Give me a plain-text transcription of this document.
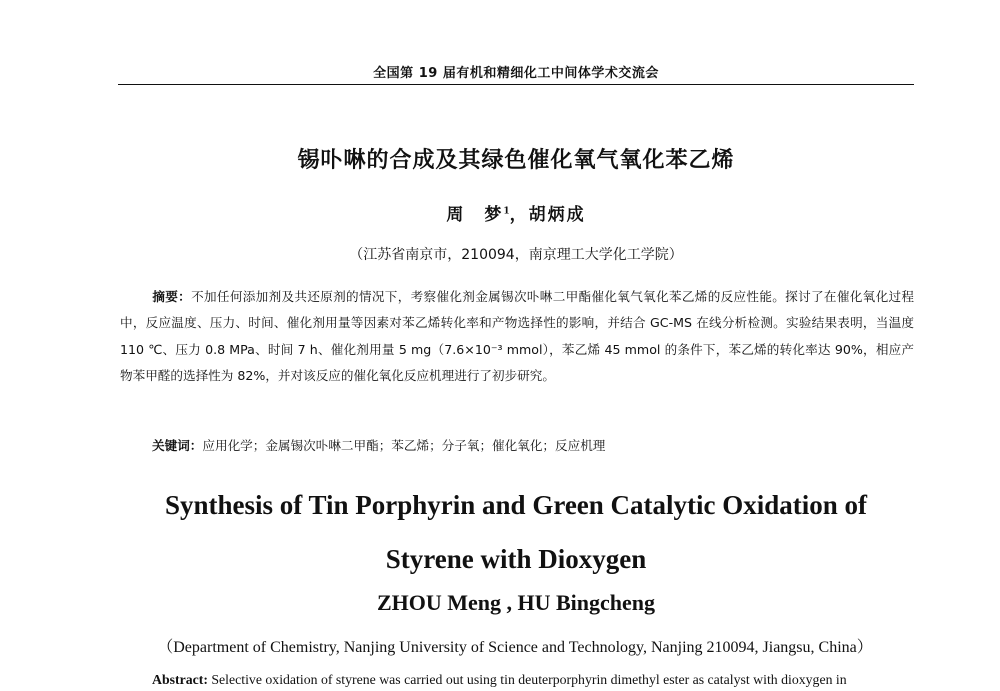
全国第 19 届有机和精细化工中间体学术交流会
锡卟啉的合成及其绿色催化氧气氧化苯乙烯
周　梦$^1$，胡炳成
（江苏省南京市，210094，南京理工大学化工学院）
摘要：不加任何添加剂及共还原剂的情况下，考察催化剂金属锡次卟啉二甲酯催化氧气氧化苯乙烯的反应性能。探讨了在催化氧化过程中，反应温度、压力、时间、催化剂用量等因素对苯乙烯转化率和产物选择性的影响，并结合 GC-MS 在线分析检测。实验结果表明，当温度 110 ℃、压力 0.8 MPa、时间 7 h、催化剂用量 5 mg（7.6×10⁻³ mmol），苯乙烯 45 mmol 的条件下，苯乙烯的转化率达 90%，相应产物苯甲醛的选择性为 82%，并对该反应的催化氧化反应机理进行了初步研究。
关键词：应用化学；金属锡次卟啉二甲酯；苯乙烯；分子氧；催化氧化；反应机理
Synthesis of Tin Porphyrin and Green Catalytic Oxidation of
Styrene with Dioxygen
ZHOU Meng , HU Bingcheng
（Department of Chemistry, Nanjing University of Science and Technology, Nanjing 210094, Jiangsu, China）
Abstract: Selective oxidation of styrene was carried out using tin deuterporphyrin dimethyl ester as catalyst with dioxygen in
